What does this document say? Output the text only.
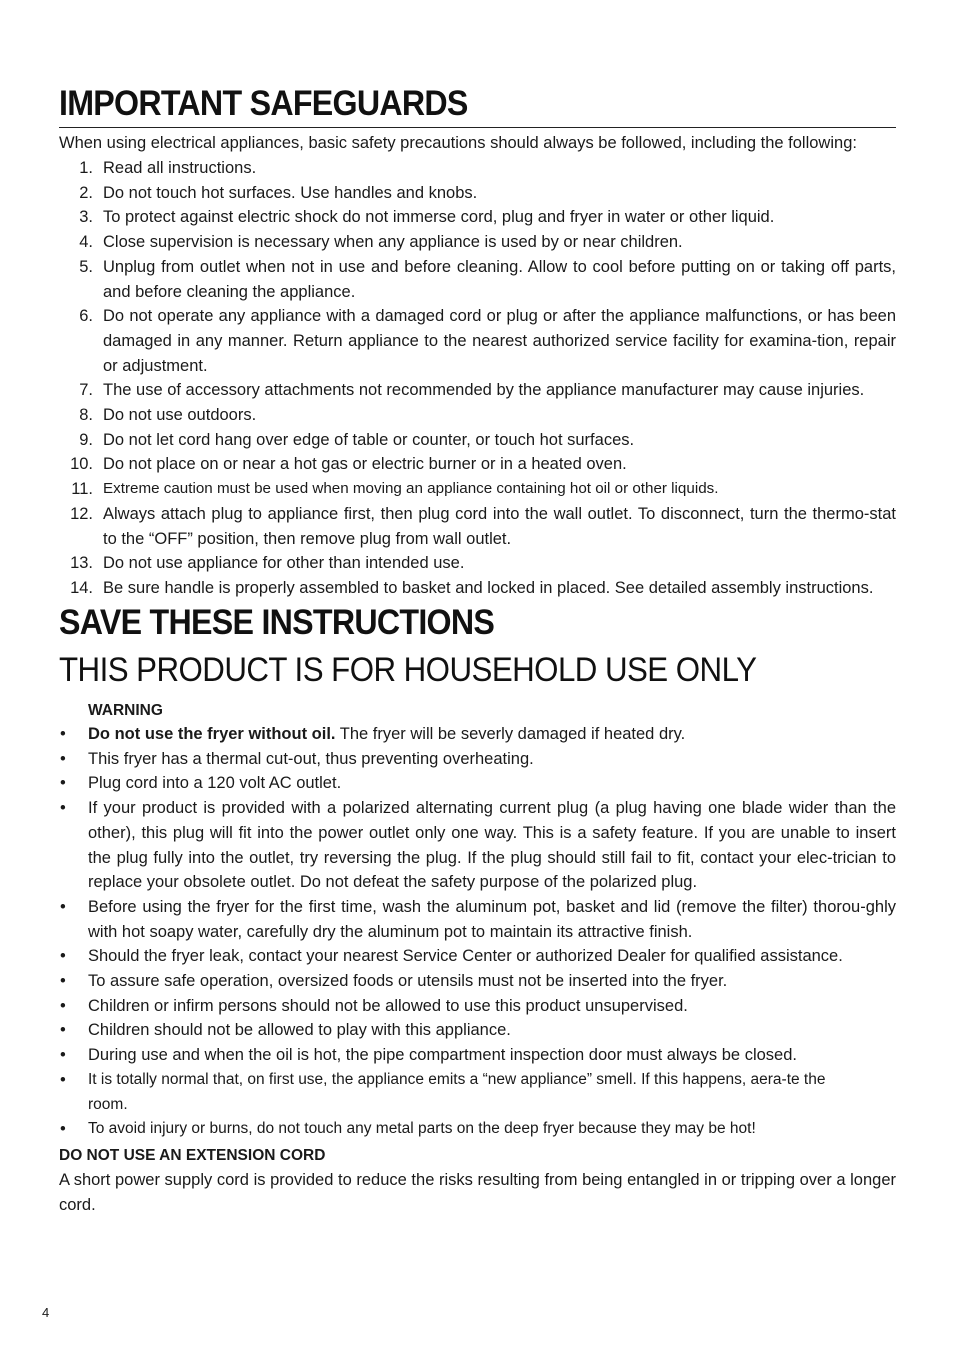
IMPORTANT SAFEGUARDS
When using electrical appliances, basic safety precautions should always be followed, including the following:
1. Read all instructions.
2. Do not touch hot surfaces. Use handles and knobs.
3. To protect against electric shock do not immerse cord, plug and fryer in water or other liquid.
4. Close supervision is necessary when any appliance is used by or near children.
5. Unplug from outlet when not in use and before cleaning. Allow to cool before putting on or taking off parts, and before cleaning the appliance.
6. Do not operate any appliance with a damaged cord or plug or after the appliance malfunctions, or has been damaged in any manner. Return appliance to the nearest authorized service facility for examina-tion, repair or adjustment.
7. The use of accessory attachments not recommended by the appliance manufacturer may cause injuries.
8. Do not use outdoors.
9. Do not let cord hang over edge of table or counter, or touch hot surfaces.
10. Do not place on or near a hot gas or electric burner or in a heated oven.
11. Extreme caution must be used when moving an appliance containing hot oil or other liquids.
12. Always attach plug to appliance first, then plug cord into the wall outlet. To disconnect, turn the thermo-stat to the “OFF” position, then remove plug from wall outlet.
13. Do not use appliance for other than intended use.
14. Be sure handle is properly assembled to basket and locked in placed. See detailed assembly instructions.
SAVE THESE INSTRUCTIONS
THIS PRODUCT IS FOR HOUSEHOLD USE ONLY
WARNING
•	Do not use the fryer without oil. The fryer will be severly damaged if heated dry.
•	This fryer has a thermal cut-out, thus preventing overheating.
•	Plug cord into a 120 volt AC outlet.
•	If your product is provided with a polarized alternating current plug (a plug having one blade wider than the other), this plug will fit into the power outlet only one way. This is a safety feature. If you are unable to insert the plug fully into the outlet, try reversing the plug. If the plug should still fail to fit, contact your elec-trician to replace your obsolete outlet. Do not defeat the safety purpose of the polarized plug.
•	Before using the fryer for the first time, wash the aluminum pot, basket and lid (remove the filter) thorou-ghly with hot soapy water, carefully dry the aluminum pot to maintain its attractive finish.
•	Should the fryer leak, contact your nearest Service Center or authorized Dealer for qualified assistance.
•	To assure safe operation, oversized foods or utensils must not be inserted into the fryer.
•	Children or infirm persons should not be allowed to use this product unsupervised.
•	Children should not be allowed to play with this appliance.
•	During use and when the oil is hot, the pipe compartment inspection door must always be closed.
•	It is totally normal that, on first use, the appliance emits a “new appliance” smell. If this happens, aera-te the room.
•	To avoid injury or burns, do not touch any metal parts on the deep fryer because they may be hot!
DO NOT USE AN EXTENSION CORD
A short power supply cord is provided to reduce the risks resulting from being entangled in or tripping over a longer cord.
4
